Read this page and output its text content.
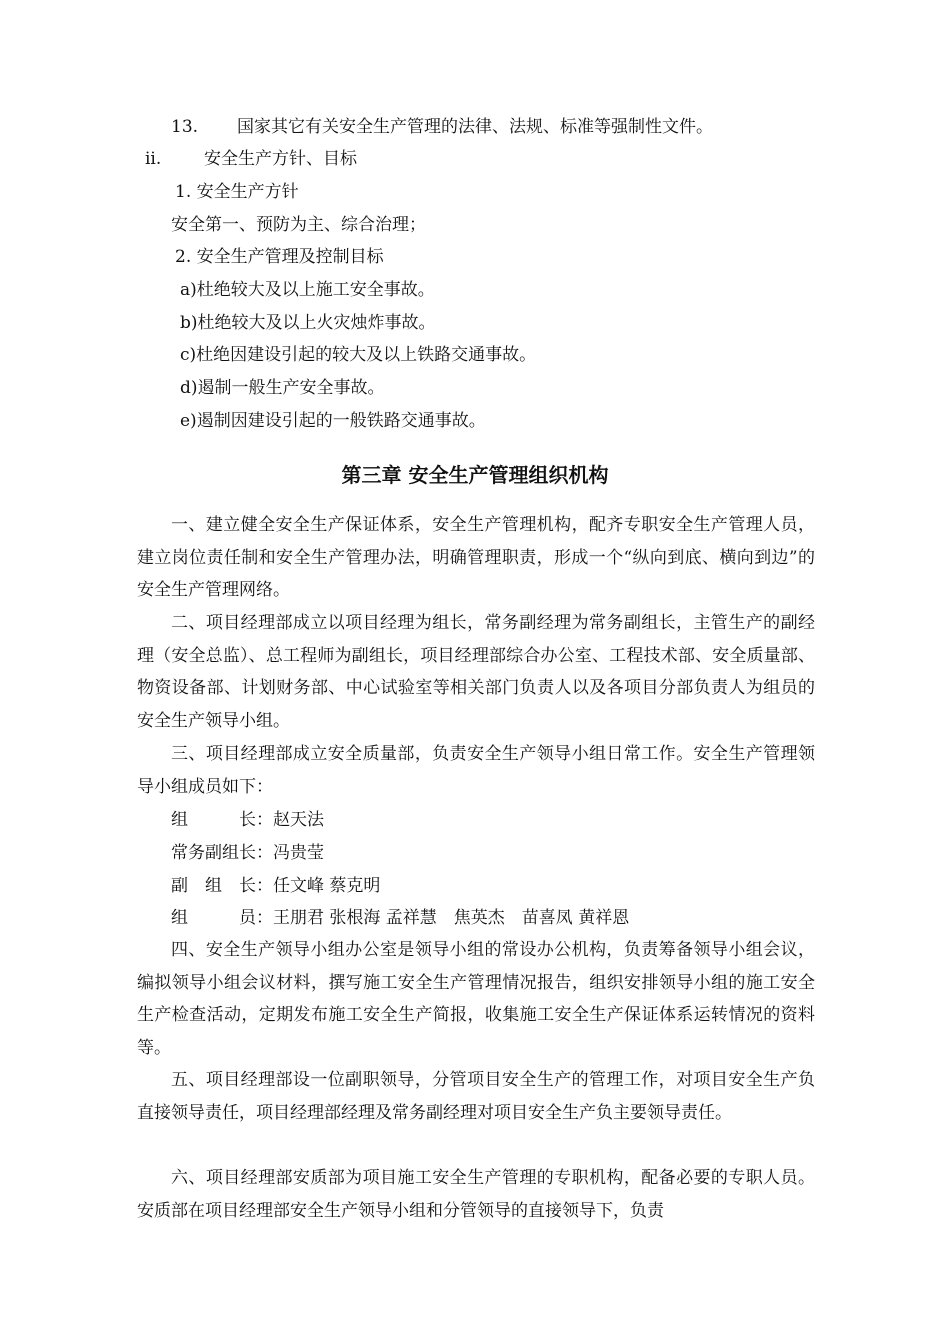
13. 国家其它有关安全生产管理的法律、法规、标准等强制性文件。
ii.	安全生产方针、目标
1. 安全生产方针
安全第一、预防为主、综合治理；
2. 安全生产管理及控制目标
a)杜绝较大及以上施工安全事故。
b)杜绝较大及以上火灾烛炸事故。
c)杜绝因建设引起的较大及以上铁路交通事故。
d)遏制一般生产安全事故。
e)遏制因建设引起的一般铁路交通事故。
第三章 安全生产管理组织机构
一、建立健全安全生产保证体系，安全生产管理机构，配齐专职安全生产管理人员，建立岗位责任制和安全生产管理办法，明确管理职责，形成一个“纵向到底、横向到边”的安全生产管理网络。
二、项目经理部成立以项目经理为组长，常务副经理为常务副组长，主管生产的副经理（安全总监）、总工程师为副组长，项目经理部综合办公室、工程技术部、安全质量部、物资设备部、计划财务部、中心试验室等相关部门负责人以及各项目分部负责人为组员的安全生产领导小组。
三、项目经理部成立安全质量部，负责安全生产领导小组日常工作。安全生产管理领导小组成员如下：
组　　　长：赵天法
常务副组长：冯贵莹
副　组　长：任文峰 蔡克明
组　　　员：王朋君 张根海 孟祥慧　焦英杰　苗喜凤 黄祥恩
四、安全生产领导小组办公室是领导小组的常设办公机构，负责筹备领导小组会议，编拟领导小组会议材料，撰写施工安全生产管理情况报告，组织安排领导小组的施工安全生产检查活动，定期发布施工安全生产简报，收集施工安全生产保证体系运转情况的资料等。
五、项目经理部设一位副职领导，分管项目安全生产的管理工作，对项目安全生产负直接领导责任，项目经理部经理及常务副经理对项目安全生产负主要领导责任。
六、项目经理部安质部为项目施工安全生产管理的专职机构，配备必要的专职人员。安质部在项目经理部安全生产领导小组和分管领导的直接领导下，负责
